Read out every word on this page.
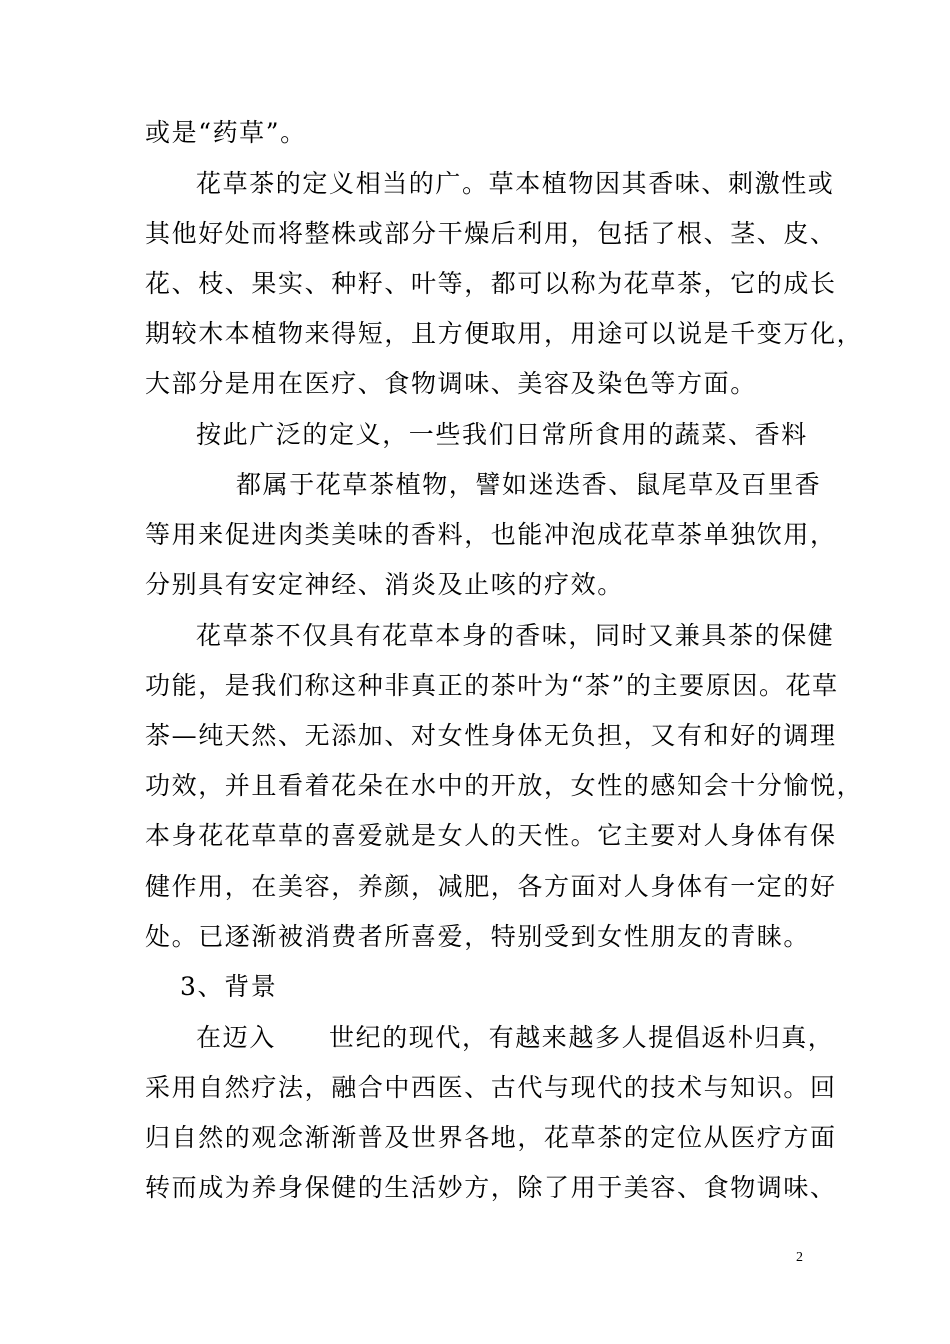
或是“药草”。
花草茶的定义相当的广。草本植物因其香味、刺激性或
其他好处而将整株或部分干燥后利用，包括了根、茎、皮、
花、枝、果实、种籽、叶等，都可以称为花草茶，它的成长
期较木本植物来得短，且方便取用，用途可以说是千变万化，
大部分是用在医疗、食物调味、美容及染色等方面。
按此广泛的定义，一些我们日常所食用的蔬菜、香料
都属于花草茶植物，譬如迷迭香、鼠尾草及百里香
等用来促进肉类美味的香料，也能冲泡成花草茶单独饮用，
分别具有安定神经、消炎及止咳的疗效。
花草茶不仅具有花草本身的香味，同时又兼具茶的保健
功能，是我们称这种非真正的茶叶为“茶”的主要原因。花草
茶—纯天然、无添加、对女性身体无负担，又有和好的调理
功效，并且看着花朵在水中的开放，女性的感知会十分愉悦，
本身花花草草的喜爱就是女人的天性。它主要对人身体有保
健作用，在美容，养颜，减肥，各方面对人身体有一定的好
处。已逐渐被消费者所喜爱，特别受到女性朋友的青睐。
3、背景
在迈入　　世纪的现代，有越来越多人提倡返朴归真，
采用自然疗法，融合中西医、古代与现代的技术与知识。回
归自然的观念渐渐普及世界各地，花草茶的定位从医疗方面
转而成为养身保健的生活妙方，除了用于美容、食物调味、
2
